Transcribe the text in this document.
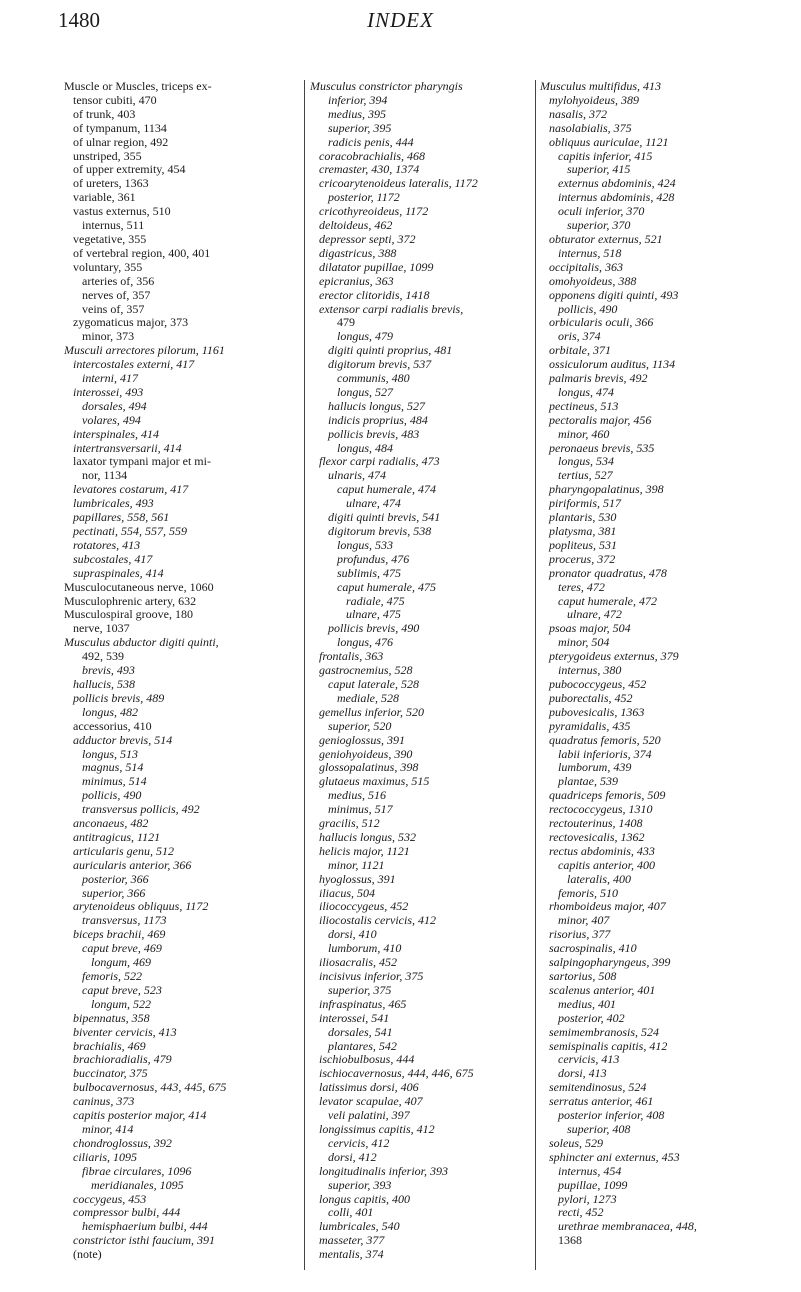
1480	INDEX
Muscle or Muscles, triceps ex-
tensor cubiti, 470
of trunk, 403
of tympanum, 1134
of ulnar region, 492
unstriped, 355
of upper extremity, 454
of ureters, 1363
variable, 361
vastus externus, 510
internus, 511
vegetative, 355
of vertebral region, 400, 401
voluntary, 355
arteries of, 356
nerves of, 357
veins of, 357
zygomaticus major, 373
minor, 373
Musculi arrectores pilorum, 1161
intercostales externi, 417
interni, 417
interossei, 493
dorsales, 494
volares, 494
interspinales, 414
intertransversarii, 414
laxator tympani major et mi-
nor, 1134
levatores costarum, 417
lumbricales, 493
papillares, 558, 561
pectinati, 554, 557, 559
rotatores, 413
subcostales, 417
supraspinales, 414
Musculocutaneous nerve, 1060
Musculophrenic artery, 632
Musculospiral groove, 180
nerve, 1037
Musculus abductor digiti quinti,
492, 539
brevis, 493
hallucis, 538
pollicis brevis, 489
longus, 482
accessorius, 410
adductor brevis, 514
longus, 513
magnus, 514
minimus, 514
pollicis, 490
transversus pollicis, 492
anconaeus, 482
antitragicus, 1121
articularis genu, 512
auricularis anterior, 366
posterior, 366
superior, 366
arytenoideus obliquus, 1172
transversus, 1173
biceps brachii, 469
caput breve, 469
longum, 469
femoris, 522
caput breve, 523
longum, 522
bipennatus, 358
biventer cervicis, 413
brachialis, 469
brachioradialis, 479
buccinator, 375
bulbocavernosus, 443, 445, 675
caninus, 373
capitis posterior major, 414
minor, 414
chondroglossus, 392
ciliaris, 1095
fibrae circulares, 1096
meridianales, 1095
coccygeus, 453
compressor bulbi, 444
hemisphaerium bulbi, 444
constrictor isthi faucium, 391
(note)
Musculus constrictor pharyngis
inferior, 394
medius, 395
superior, 395
radicis penis, 444
coracobrachialis, 468
cremaster, 430, 1374
cricoarytenoideus lateralis, 1172
posterior, 1172
cricothyreoideus, 1172
deltoideus, 462
depressor septi, 372
digastricus, 388
dilatator pupillae, 1099
epicranius, 363
erector clitoridis, 1418
extensor carpi radialis brevis,
479
longus, 479
digiti quinti proprius, 481
digitorum brevis, 537
communis, 480
longus, 527
hallucis longus, 527
indicis proprius, 484
pollicis brevis, 483
longus, 484
flexor carpi radialis, 473
ulnaris, 474
caput humerale, 474
ulnare, 474
digiti quinti brevis, 541
digitorum brevis, 538
longus, 533
profundus, 476
sublimis, 475
caput humerale, 475
radiale, 475
ulnare, 475
pollicis brevis, 490
longus, 476
frontalis, 363
gastrocnemius, 528
caput laterale, 528
mediale, 528
gemellus inferior, 520
superior, 520
genioglossus, 391
geniohyoideus, 390
glossopalatinus, 398
glutaeus maximus, 515
medius, 516
minimus, 517
gracilis, 512
hallucis longus, 532
helicis major, 1121
minor, 1121
hyoglossus, 391
iliacus, 504
iliococcygeus, 452
iliocostalis cervicis, 412
dorsi, 410
lumborum, 410
iliosacralis, 452
incisivus inferior, 375
superior, 375
infraspinatus, 465
interossei, 541
dorsales, 541
plantares, 542
ischiobulbosus, 444
ischiocavernosus, 444, 446, 675
latissimus dorsi, 406
levator scapulae, 407
veli palatini, 397
longissimus capitis, 412
cervicis, 412
dorsi, 412
longitudinalis inferior, 393
superior, 393
longus capitis, 400
colli, 401
lumbricales, 540
masseter, 377
mentalis, 374
Musculus multifidus, 413
mylohyoideus, 389
nasalis, 372
nasolabialis, 375
obliquus auriculae, 1121
capitis inferior, 415
superior, 415
externus abdominis, 424
internus abdominis, 428
oculi inferior, 370
superior, 370
obturator externus, 521
internus, 518
occipitalis, 363
omohyoideus, 388
opponens digiti quinti, 493
pollicis, 490
orbicularis oculi, 366
oris, 374
orbitale, 371
ossiculorum auditus, 1134
palmaris brevis, 492
longus, 474
pectineus, 513
pectoralis major, 456
minor, 460
peronaeus brevis, 535
longus, 534
tertius, 527
pharyngopalatinus, 398
piriformis, 517
plantaris, 530
platysma, 381
popliteus, 531
procerus, 372
pronator quadratus, 478
teres, 472
caput humerale, 472
ulnare, 472
psoas major, 504
minor, 504
pterygoideus externus, 379
internus, 380
pubococcygeus, 452
puborectalis, 452
pubovesicalis, 1363
pyramidalis, 435
quadratus femoris, 520
labii inferioris, 374
lumborum, 439
plantae, 539
quadriceps femoris, 509
rectococcygeus, 1310
rectouterinus, 1408
rectovesicalis, 1362
rectus abdominis, 433
capitis anterior, 400
lateralis, 400
femoris, 510
rhomboideus major, 407
minor, 407
risorius, 377
sacrospinalis, 410
salpingopharyngeus, 399
sartorius, 508
scalenus anterior, 401
medius, 401
posterior, 402
semimembranosis, 524
semispinalis capitis, 412
cervicis, 413
dorsi, 413
semitendinosus, 524
serratus anterior, 461
posterior inferior, 408
superior, 408
soleus, 529
sphincter ani externus, 453
internus, 454
pupillae, 1099
pylori, 1273
recti, 452
urethrae membranacea, 448,
1368
